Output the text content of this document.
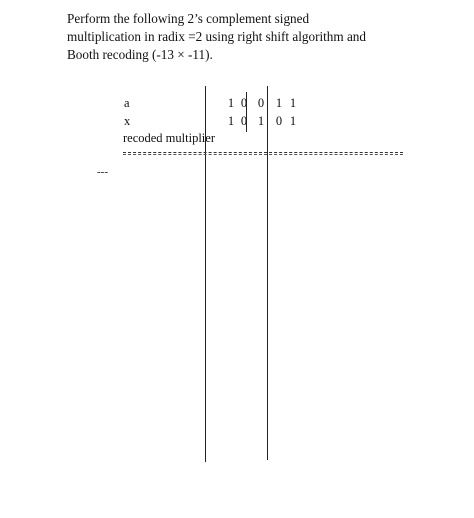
Perform the following 2’s complement signed
multiplication in radix =2 using right shift algorithm and
Booth recoding (-13 × -11).
a
x
recoded multiplier
1 0 0 1 1
1 0 1 0 1
---
